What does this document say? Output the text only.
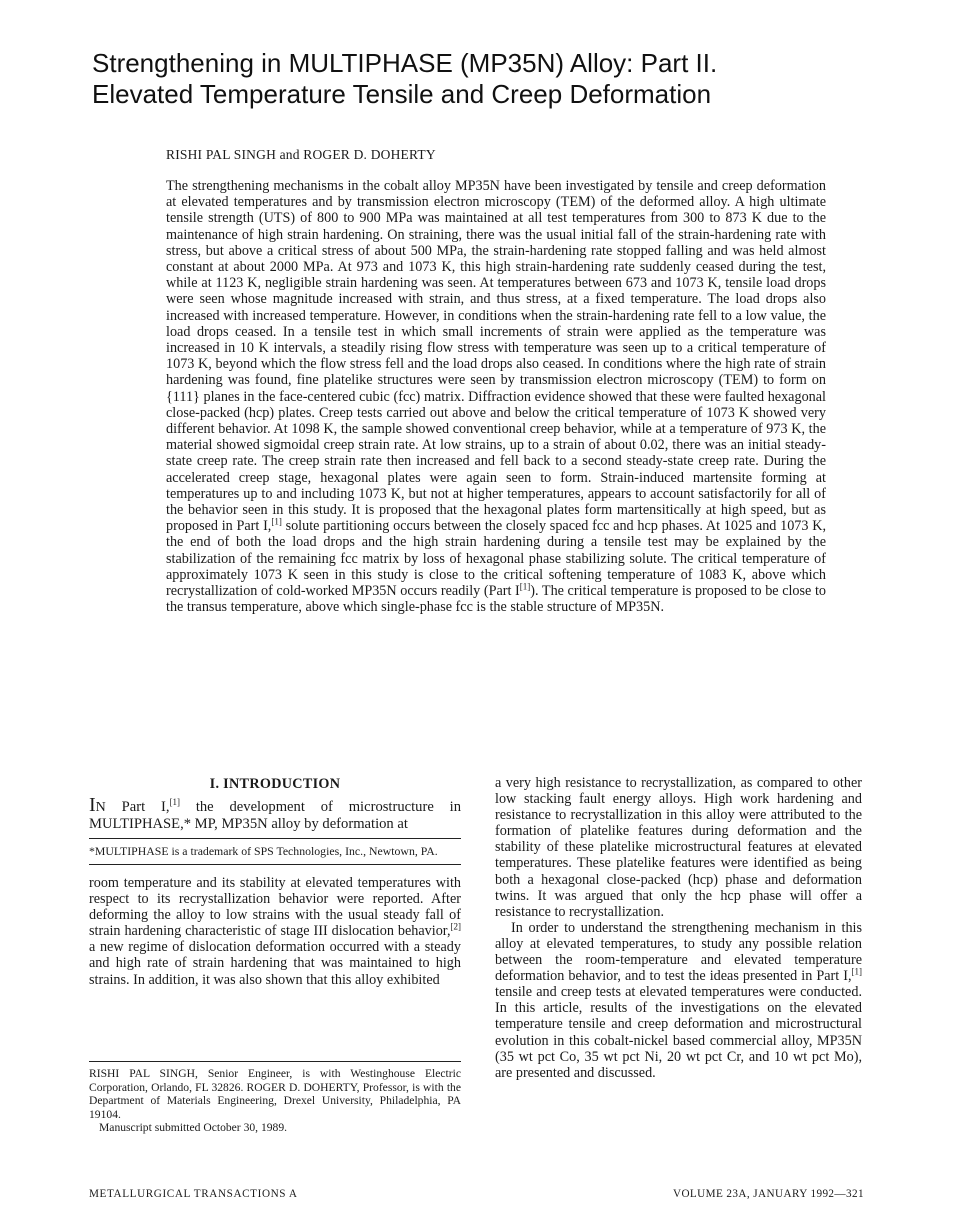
Strengthening in MULTIPHASE (MP35N) Alloy: Part II.
Elevated Temperature Tensile and Creep Deformation
RISHI PAL SINGH and ROGER D. DOHERTY
The strengthening mechanisms in the cobalt alloy MP35N have been investigated by tensile and creep deformation at elevated temperatures and by transmission electron microscopy (TEM) of the deformed alloy. A high ultimate tensile strength (UTS) of 800 to 900 MPa was maintained at all test temperatures from 300 to 873 K due to the maintenance of high strain hardening. On straining, there was the usual initial fall of the strain-hardening rate with stress, but above a critical stress of about 500 MPa, the strain-hardening rate stopped falling and was held almost constant at about 2000 MPa. At 973 and 1073 K, this high strain-hardening rate suddenly ceased during the test, while at 1123 K, negligible strain hardening was seen. At temperatures between 673 and 1073 K, tensile load drops were seen whose magnitude increased with strain, and thus stress, at a fixed temperature. The load drops also increased with increased temperature. However, in conditions when the strain-hardening rate fell to a low value, the load drops ceased. In a tensile test in which small increments of strain were applied as the temperature was increased in 10 K intervals, a steadily rising flow stress with temperature was seen up to a critical temperature of 1073 K, beyond which the flow stress fell and the load drops also ceased. In conditions where the high rate of strain hardening was found, fine platelike structures were seen by transmission electron microscopy (TEM) to form on {111} planes in the face-centered cubic (fcc) matrix. Diffraction evidence showed that these were faulted hexagonal close-packed (hcp) plates. Creep tests carried out above and below the critical temperature of 1073 K showed very different behavior. At 1098 K, the sample showed conventional creep behavior, while at a temperature of 973 K, the material showed sigmoidal creep strain rate. At low strains, up to a strain of about 0.02, there was an initial steady-state creep rate. The creep strain rate then increased and fell back to a second steady-state creep rate. During the accelerated creep stage, hexagonal plates were again seen to form. Strain-induced martensite forming at temperatures up to and including 1073 K, but not at higher temperatures, appears to account satisfactorily for all of the behavior seen in this study. It is proposed that the hexagonal plates form martensitically at high speed, but as proposed in Part I,[1] solute partitioning occurs between the closely spaced fcc and hcp phases. At 1025 and 1073 K, the end of both the load drops and the high strain hardening during a tensile test may be explained by the stabilization of the remaining fcc matrix by loss of hexagonal phase stabilizing solute. The critical temperature of approximately 1073 K seen in this study is close to the critical softening temperature of 1083 K, above which recrystallization of cold-worked MP35N occurs readily (Part I[1]). The critical temperature is proposed to be close to the transus temperature, above which single-phase fcc is the stable structure of MP35N.
I. INTRODUCTION
IN Part I,[1] the development of microstructure in MULTIPHASE,* MP, MP35N alloy by deformation at
*MULTIPHASE is a trademark of SPS Technologies, Inc., Newtown, PA.
room temperature and its stability at elevated temperatures with respect to its recrystallization behavior were reported. After deforming the alloy to low strains with the usual steady fall of strain hardening characteristic of stage III dislocation behavior,[2] a new regime of dislocation deformation occurred with a steady and high rate of strain hardening that was maintained to high strains. In addition, it was also shown that this alloy exhibited
a very high resistance to recrystallization, as compared to other low stacking fault energy alloys. High work hardening and resistance to recrystallization in this alloy were attributed to the formation of platelike features during deformation and the stability of these platelike microstructural features at elevated temperatures. These platelike features were identified as being both a hexagonal close-packed (hcp) phase and deformation twins. It was argued that only the hcp phase will offer a resistance to recrystallization.
In order to understand the strengthening mechanism in this alloy at elevated temperatures, to study any possible relation between the room-temperature and elevated temperature deformation behavior, and to test the ideas presented in Part I,[1] tensile and creep tests at elevated temperatures were conducted. In this article, results of the investigations on the elevated temperature tensile and creep deformation and microstructural evolution in this cobalt-nickel based commercial alloy, MP35N (35 wt pct Co, 35 wt pct Ni, 20 wt pct Cr, and 10 wt pct Mo), are presented and discussed.
RISHI PAL SINGH, Senior Engineer, is with Westinghouse Electric Corporation, Orlando, FL 32826. ROGER D. DOHERTY, Professor, is with the Department of Materials Engineering, Drexel University, Philadelphia, PA 19104.
Manuscript submitted October 30, 1989.
METALLURGICAL TRANSACTIONS A	VOLUME 23A, JANUARY 1992—321
